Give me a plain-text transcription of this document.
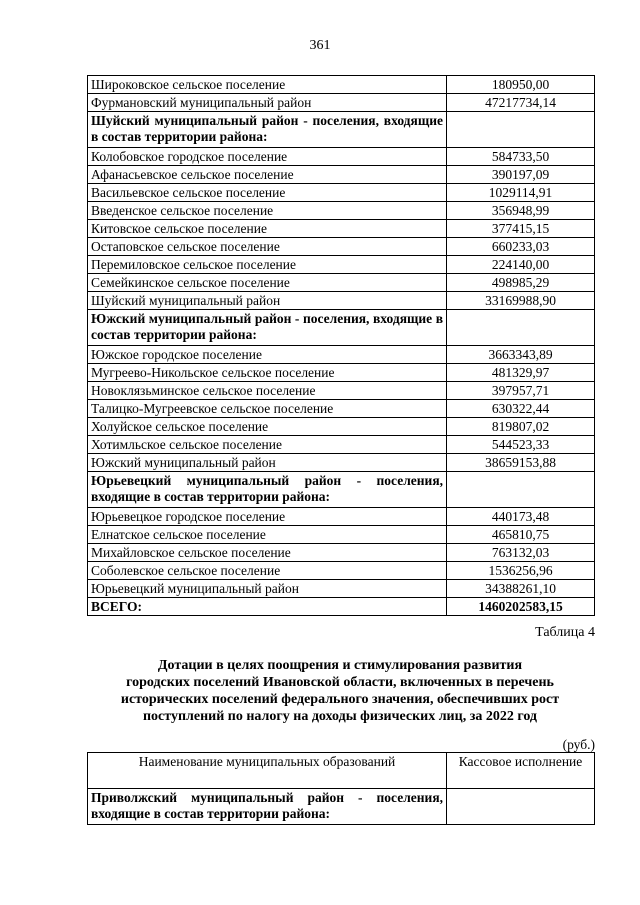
361
Широковское сельское поселение	180950,00
Фурмановский муниципальный район	47217734,14
Шуйский муниципальный район - поселения, входящие в состав территории района:	
Колобовское городское поселение	584733,50
Афанасьевское сельское поселение	390197,09
Васильевское сельское поселение	1029114,91
Введенское сельское поселение	356948,99
Китовское сельское поселение	377415,15
Остаповское сельское поселение	660233,03
Перемиловское сельское поселение	224140,00
Семейкинское сельское поселение	498985,29
Шуйский муниципальный район	33169988,90
Южский муниципальный район - поселения, входящие в состав территории района:	
Южское городское поселение	3663343,89
Мугреево-Никольское сельское поселение	481329,97
Новоклязьминское сельское поселение	397957,71
Талицко-Мугреевское сельское поселение	630322,44
Холуйское сельское поселение	819807,02
Хотимльское сельское поселение	544523,33
Южский муниципальный район	38659153,88
Юрьевецкий муниципальный район - поселения, входящие в состав территории района:	
Юрьевецкое городское поселение	440173,48
Елнатское сельское поселение	465810,75
Михайловское сельское поселение	763132,03
Соболевское сельское поселение	1536256,96
Юрьевецкий муниципальный район	34388261,10
ВСЕГО:	1460202583,15
Таблица 4
Дотации в целях поощрения и стимулирования развития
городских поселений Ивановской области, включенных в перечень
исторических поселений федерального значения, обеспечивших рост
поступлений по налогу на доходы физических лиц, за 2022 год
(руб.)
Наименование муниципальных образований	Кассовое исполнение
Приволжский муниципальный район - поселения, входящие в состав территории района:	
